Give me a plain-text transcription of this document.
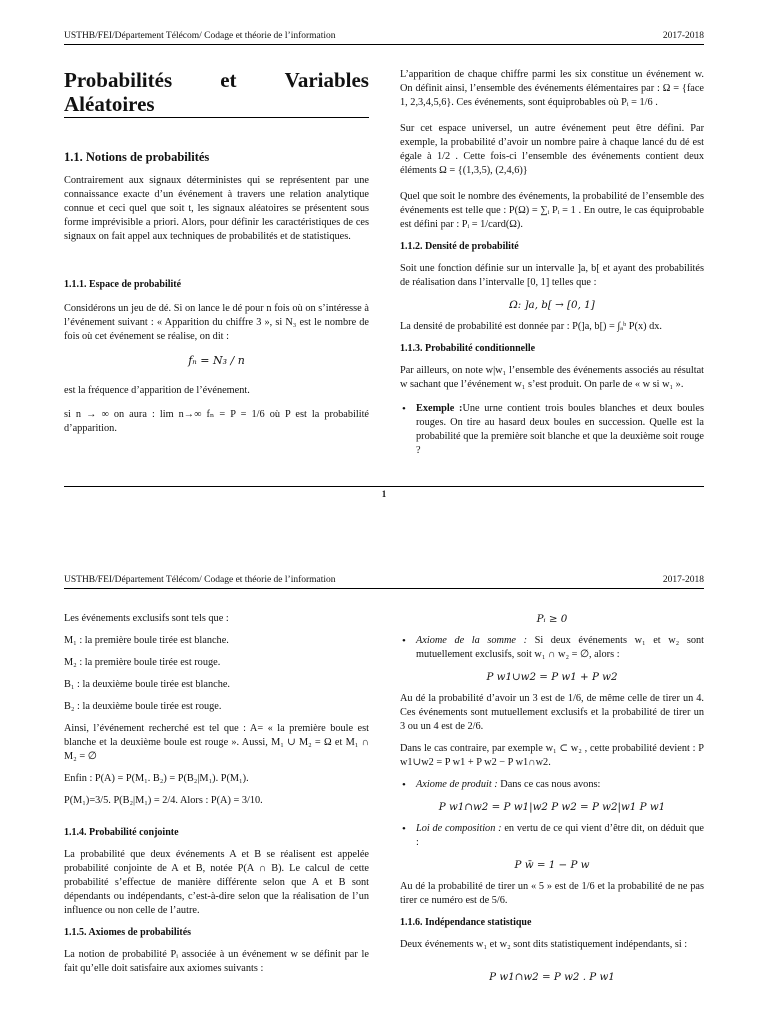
USTHB/FEI/Département Télécom/ Codage et théorie de l’information	2017-2018
Probabilités et Variables
Aléatoires

1.1. Notions de probabilités

Contrairement aux signaux déterministes qui se représentent par une connaissance exacte d’un événement à travers une relation analytique connue et ceci quel que soit t, les signaux aléatoires se présentent sous forme imprévisible a priori. Alors, pour définir les caractéristiques de ces signaux on fait appel aux techniques de probabilités et de statistiques.

1.1.1. Espace de probabilité

Considérons un jeu de dé. Si on lance le dé pour n fois où on s’intéresse à l’événement suivant : « Apparition du chiffre 3 », si N₃ est le nombre de fois où cet événement se réalise, on dit :

fₙ = N₃ / n

est la fréquence d’apparition de l’événement.

si n → ∞ on aura : lim n→∞ fₙ = P = 1/6 où P est la probabilité d’apparition.

L’apparition de chaque chiffre parmi les six constitue un événement w. On définit ainsi, l’ensemble des événements élémentaires par : Ω = {face 1, 2,3,4,5,6}. Ces événements, sont équiprobables où Pᵢ = 1/6 .

Sur cet espace universel, un autre événement peut être défini. Par exemple, la probabilité d’avoir un nombre paire à chaque lancé du dé est égale à 1/2 . Cette fois-ci l’ensemble des événements contient deux éléments Ω = {(1,3,5), (2,4,6)}

Quel que soit le nombre des événements, la probabilité de l’ensemble des événements est telle que : P(Ω) = ∑ᵢ Pᵢ = 1 . En outre, le cas équiprobable est défini par : Pᵢ = 1/card(Ω).

1.1.2. Densité de probabilité

Soit une fonction définie sur un intervalle ]a, b[ et ayant des probabilités de réalisation dans l’intervalle [0, 1] telles que :

Ω: ]a, b[ → [0, 1]

La densité de probabilité est donnée par : P(]a, b[) = ∫ₐᵇ P(x) dx.

1.1.3. Probabilité conditionnelle

Par ailleurs, on note w|w₁ l’ensemble des événements associés au résultat w sachant que l’événement w₁ s’est produit. On parle de « w si w₁ ».

• Exemple :Une urne contient trois boules blanches et deux boules rouges. On tire au hasard deux boules en succession. Quelle est la probabilité que la première soit blanche et que la deuxième soit rouge ?

1
USTHB/FEI/Département Télécom/ Codage et théorie de l’information	2017-2018

Les événements exclusifs sont tels que :

M₁ : la première boule tirée est blanche.

M₂ : la première boule tirée est rouge.

B₁ : la deuxième boule tirée est blanche.

B₂ : la deuxième boule tirée est rouge.

Ainsi, l’événement recherché est tel que : A= « la première boule est blanche et la deuxième boule est rouge ». Aussi, M₁ ∪ M₂ = Ω et M₁ ∩ M₂ = ∅

Enfin : P(A) = P(M₁. B₂) = P(B₂|M₁). P(M₁).

P(M₁)=3/5. P(B₂|M₁) = 2/4. Alors : P(A) = 3/10.

1.1.4. Probabilité conjointe

La probabilité que deux événements A et B se réalisent est appelée probabilité conjointe de A et B, notée P(A ∩ B). Le calcul de cette probabilité s’effectue de manière différente selon que A et B sont dépendants ou indépendants, c’est-à-dire selon que la réalisation de l’un influence ou non celle de l’autre.

1.1.5. Axiomes de probabilités

La notion de probabilité Pᵢ associée à un événement w se définit par le fait qu’elle doit satisfaire aux axiomes suivants :

Pᵢ ≥ 0

• Axiome de la somme : Si deux événements w₁ et w₂ sont mutuellement exclusifs, soit w₁ ∩ w₂ = ∅, alors :

P w1∪w2 = P w1 + P w2

Au dé la probabilité d’avoir un 3 est de 1/6, de même celle de tirer un 4. Ces événements sont mutuellement exclusifs et la probabilité de tirer un 3 ou un 4 est de 2/6.

Dans le cas contraire, par exemple w₁ ⊂ w₂ , cette probabilité devient : P w1∪w2 = P w1 + P w2 − P w1∩w2.

• Axiome de produit : Dans ce cas nous avons:

P w1∩w2 = P w1|w2 P w2 = P w2|w1 P w1

• Loi de composition : en vertu de ce qui vient d’être dit, on déduit que :

P w̄ = 1 − P w

Au dé la probabilité de tirer un « 5 » est de 1/6 et la probabilité de ne pas tirer ce numéro est de 5/6.

1.1.6. Indépendance statistique

Deux événements w₁ et w₂ sont dits statistiquement indépendants, si :

P w1∩w2 = P w2 . P w1
